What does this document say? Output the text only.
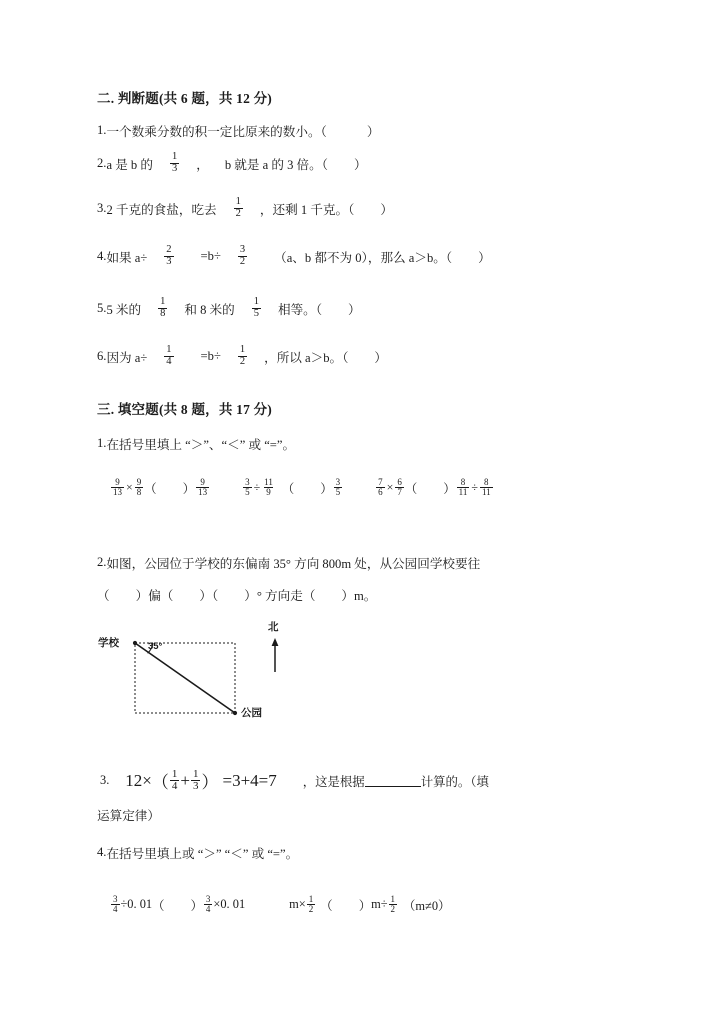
二. 判断题(共 6 题，共 12 分)
1. 一个数乘分数的积一定比原来的数小。（	）
2. a 是 b 的 $\frac{1}{3}$ ， b 就是 a 的 3 倍。（ ）
3. 2 千克的食盐，吃去 $\frac{1}{2}$ ，还剩 1 千克。（ ）
4. 如果 $a\div \frac{2}{3} =b\div \frac{3}{2} (a$、b 都不为 0），那么 a＞b。（ ）
5. 5 米的 $\frac{1}{8}$ 和 8 米的 $\frac{1}{5}$ 相等。（ ）
6. 因为 $a\div \frac{1}{4} =b\div \frac{1}{2}$ ，所以 a＞b。（ ）
三. 填空题(共 8 题，共 17 分)
1. 在括号里填上 “＞”、“＜” 或 “=”。
$\frac{9}{13} \times \frac{9}{8}$ （ ） $\frac{9}{13}$	$\frac{3}{5} \div \frac{11}{9}$ （ ） $\frac{3}{5}$	$\frac{7}{6} \times \frac{6}{7}$ （ ） $\frac{8}{11} \div \frac{8}{11}$
2. 如图，公园位于学校的东偏南 35° 方向 800m 处，从公园回学校要往
（ ）偏（ ）（ ）° 方向走（ ）m。
学校
公园
北
35°
3. 12× （ $\frac{1}{4} + \frac{1}{3}$ ） =3+4=7 ，这是根据	计算的。（填
运算定律）
4. 在括号里填上或 “＞” “＜” 或 “=”。
$\frac{3}{4} \div 0$. 01 （ ） $\frac{3}{4} \times 0$. 01	$m\times \frac{1}{2}$ （ ） $m\div \frac{1}{2} (m\ne 0)$
